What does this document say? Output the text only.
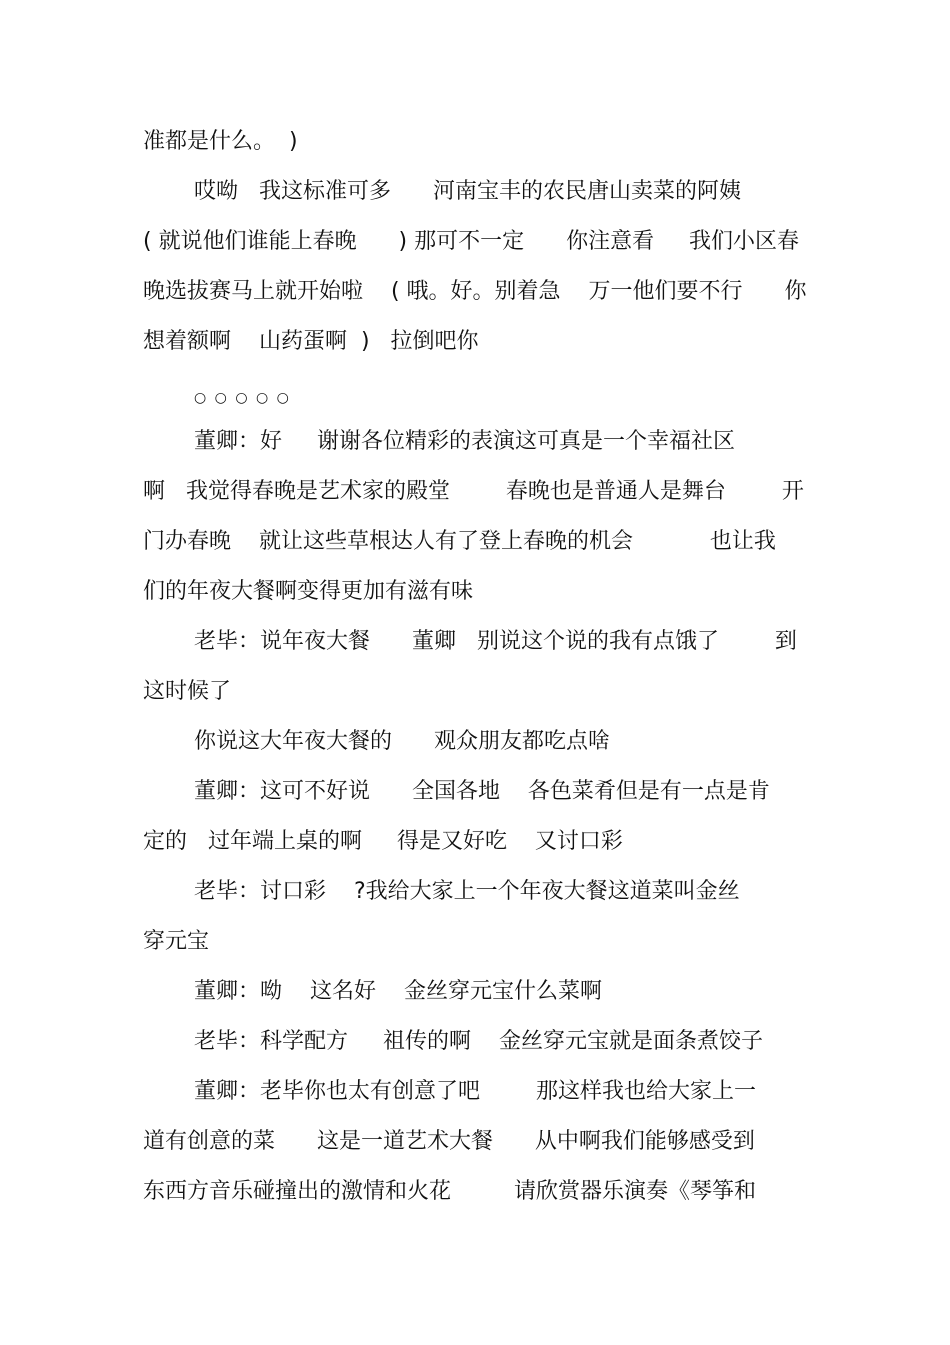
准都是什么。  )
哎呦   我这标准可多      河南宝丰的农民唐山卖菜的阿姨
( 就说他们谁能上春晚      ) 那可不一定      你注意看     我们小区春
晚选拔赛马上就开始啦    ( 哦。好。别着急    万一他们要不行      你
想着额啊    山药蛋啊  )   拉倒吧你
○ ○ ○ ○ ○
董卿：好     谢谢各位精彩的表演这可真是一个幸福社区
啊   我觉得春晚是艺术家的殿堂        春晚也是普通人是舞台        开
门办春晚    就让这些草根达人有了登上春晚的机会           也让我
们的年夜大餐啊变得更加有滋有味
老毕：说年夜大餐      董卿   别说这个说的我有点饿了        到
这时候了
你说这大年夜大餐的      观众朋友都吃点啥
董卿：这可不好说      全国各地    各色菜肴但是有一点是肯
定的   过年端上桌的啊     得是又好吃    又讨口彩
老毕：讨口彩    ?我给大家上一个年夜大餐这道菜叫金丝
穿元宝
董卿：呦    这名好    金丝穿元宝什么菜啊
老毕：科学配方     祖传的啊    金丝穿元宝就是面条煮饺子
董卿：老毕你也太有创意了吧        那这样我也给大家上一
道有创意的菜      这是一道艺术大餐      从中啊我们能够感受到
东西方音乐碰撞出的激情和火花         请欣赏器乐演奏《琴筝和
